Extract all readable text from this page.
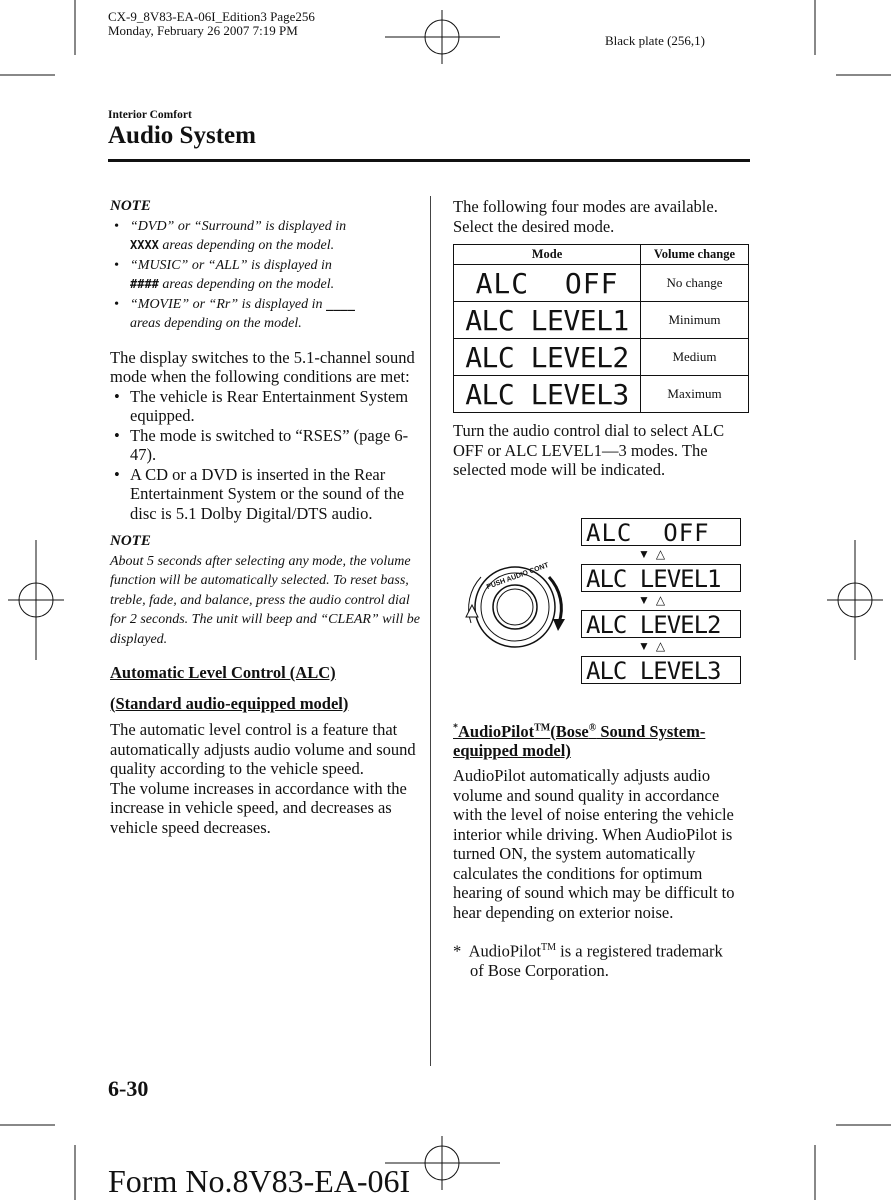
CX-9_8V83-EA-06I_Edition3 Page256
Monday, February 26 2007 7:19 PM
Black plate (256,1)
Interior Comfort
Audio System
NOTE
• “DVD” or “Surround” is displayed in
XXXX areas depending on the model.
• “MUSIC” or “ALL” is displayed in
#### areas depending on the model.
• “MOVIE” or “Rr” is displayed in ____
areas depending on the model.
The display switches to the 5.1-channel sound mode when the following conditions are met:
• The vehicle is Rear Entertainment System equipped.
• The mode is switched to “RSES” (page 6-47).
• A CD or a DVD is inserted in the Rear Entertainment System or the sound of the disc is 5.1 Dolby Digital/DTS audio.
NOTE
About 5 seconds after selecting any mode, the volume function will be automatically selected. To reset bass, treble, fade, and balance, press the audio control dial for 2 seconds. The unit will beep and “CLEAR” will be displayed.
Automatic Level Control (ALC)
(Standard audio-equipped model)
The automatic level control is a feature that automatically adjusts audio volume and sound quality according to the vehicle speed.
The volume increases in accordance with the increase in vehicle speed, and decreases as vehicle speed decreases.
The following four modes are available. Select the desired mode.
Mode	Volume change
ALC  OFF	No change
ALC LEVEL1	Minimum
ALC LEVEL2	Medium
ALC LEVEL3	Maximum
Turn the audio control dial to select ALC OFF or ALC LEVEL1—3 modes. The selected mode will be indicated.
PUSH AUDIO CONT
ALC  OFF
▼  △
ALC LEVEL1
▼  △
ALC LEVEL2
▼  △
ALC LEVEL3
*AudioPilot™(Bose® Sound System-
equipped model)
AudioPilot automatically adjusts audio volume and sound quality in accordance with the level of noise entering the vehicle interior while driving. When AudioPilot is turned ON, the system automatically calculates the conditions for optimum hearing of sound which may be difficult to hear depending on exterior noise.
* AudioPilot™ is a registered trademark
of Bose Corporation.
6-30
Form No.8V83-EA-06I
